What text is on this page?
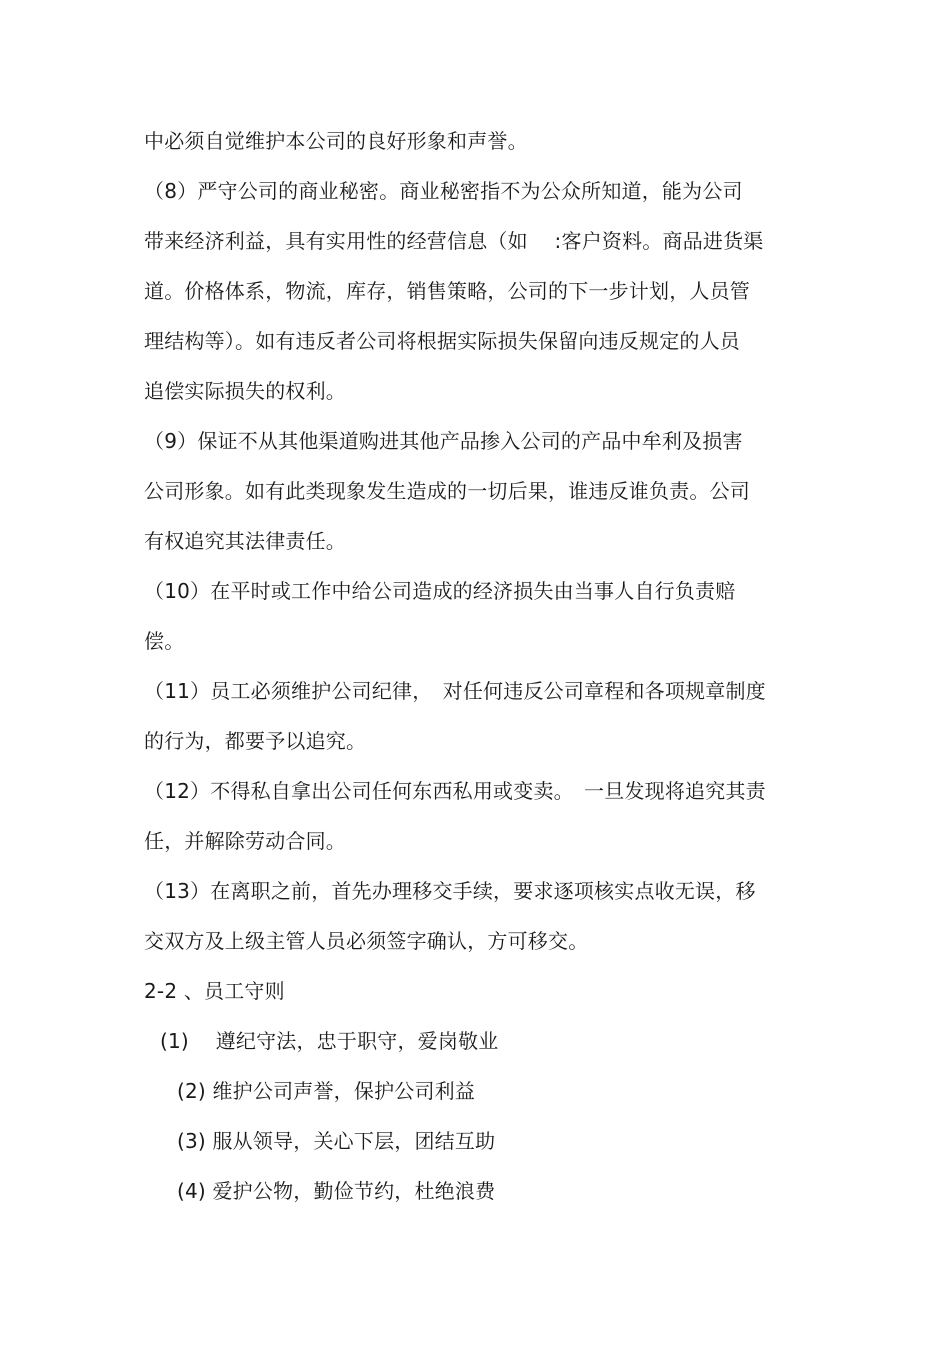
中必须自觉维护本公司的良好形象和声誉。
（8）严守公司的商业秘密。商业秘密指不为公众所知道，能为公司
带来经济利益，具有实用性的经营信息（如　 :客户资料。商品进货渠
道。价格体系，物流，库存，销售策略，公司的下一步计划，人员管
理结构等）。如有违反者公司将根据实际损失保留向违反规定的人员
追偿实际损失的权利。
（9）保证不从其他渠道购进其他产品掺入公司的产品中牟利及损害
公司形象。如有此类现象发生造成的一切后果，谁违反谁负责。公司
有权追究其法律责任。
（10）在平时或工作中给公司造成的经济损失由当事人自行负责赔
偿。
（11）员工必须维护公司纪律，　对任何违反公司章程和各项规章制度
的行为，都要予以追究。
（12）不得私自拿出公司任何东西私用或变卖。　一旦发现将追究其责
任，并解除劳动合同。
（13）在离职之前，首先办理移交手续，要求逐项核实点收无误，移
交双方及上级主管人员必须签字确认，方可移交。
2-2 、员工守则
(1)　 遵纪守法，忠于职守，爱岗敬业
(2) 维护公司声誉，保护公司利益
(3) 服从领导，关心下层，团结互助
(4) 爱护公物，勤俭节约，杜绝浪费
